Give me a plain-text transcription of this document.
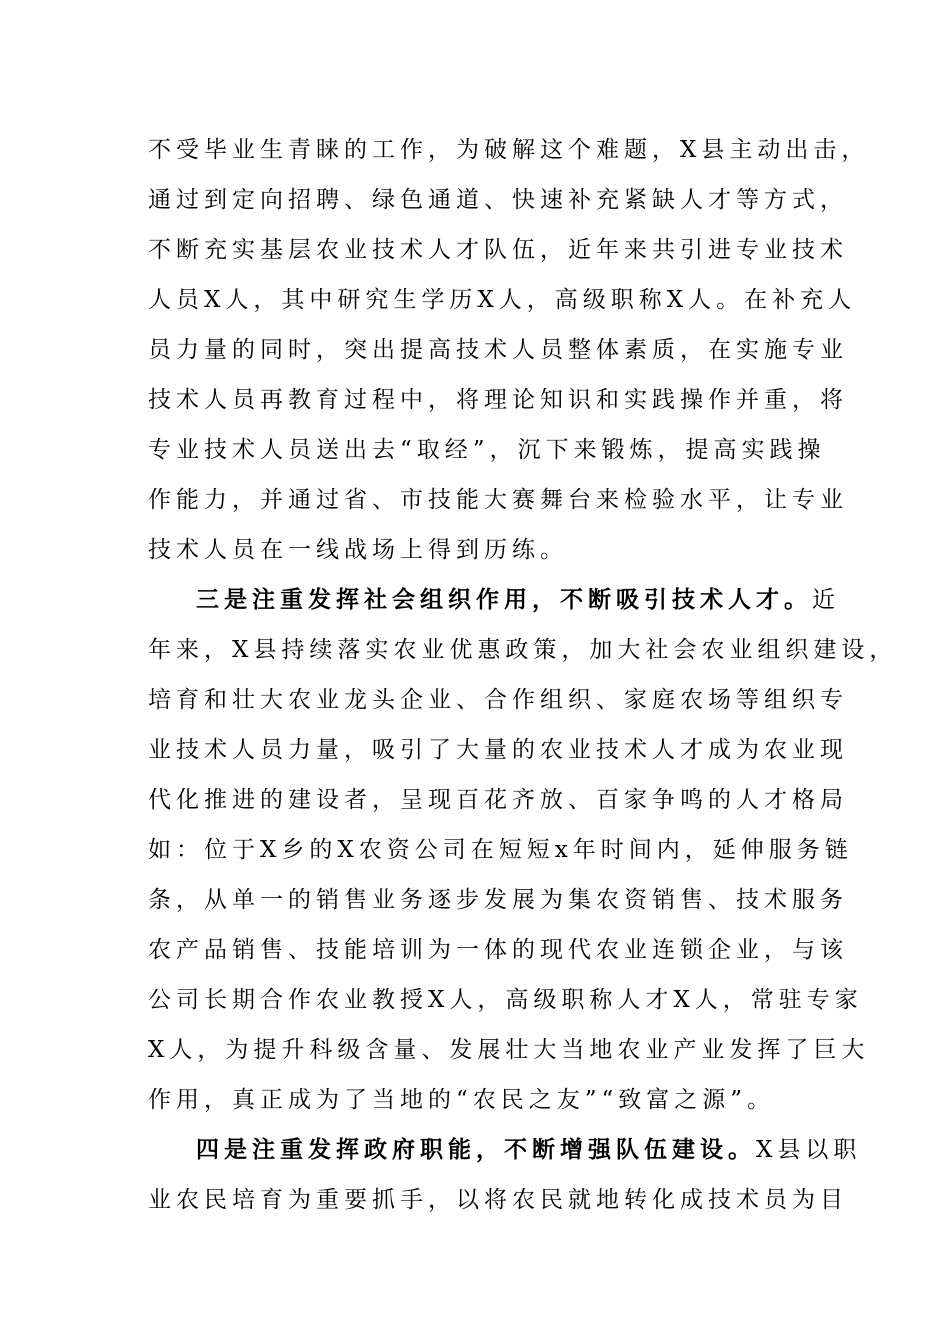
不受毕业生青睐的工作，为破解这个难题，X县主动出击，
通过到定向招聘、绿色通道、快速补充紧缺人才等方式，
不断充实基层农业技术人才队伍，近年来共引进专业技术
人员X人，其中研究生学历X人，高级职称X人。在补充人
员力量的同时，突出提高技术人员整体素质，在实施专业
技术人员再教育过程中，将理论知识和实践操作并重，将
专业技术人员送出去“取经”，沉下来锻炼，提高实践操
作能力，并通过省、市技能大赛舞台来检验水平，让专业
技术人员在一线战场上得到历练。
三是注重发挥社会组织作用，不断吸引技术人才。近
年来，X县持续落实农业优惠政策，加大社会农业组织建设，
培育和壮大农业龙头企业、合作组织、家庭农场等组织专
业技术人员力量，吸引了大量的农业技术人才成为农业现
代化推进的建设者，呈现百花齐放、百家争鸣的人才格局
如：位于X乡的X农资公司在短短x年时间内，延伸服务链
条，从单一的销售业务逐步发展为集农资销售、技术服务
农产品销售、技能培训为一体的现代农业连锁企业，与该
公司长期合作农业教授X人，高级职称人才X人，常驻专家
X人，为提升科级含量、发展壮大当地农业产业发挥了巨大
作用，真正成为了当地的“农民之友”“致富之源”。
四是注重发挥政府职能，不断增强队伍建设。X县以职
业农民培育为重要抓手，以将农民就地转化成技术员为目
